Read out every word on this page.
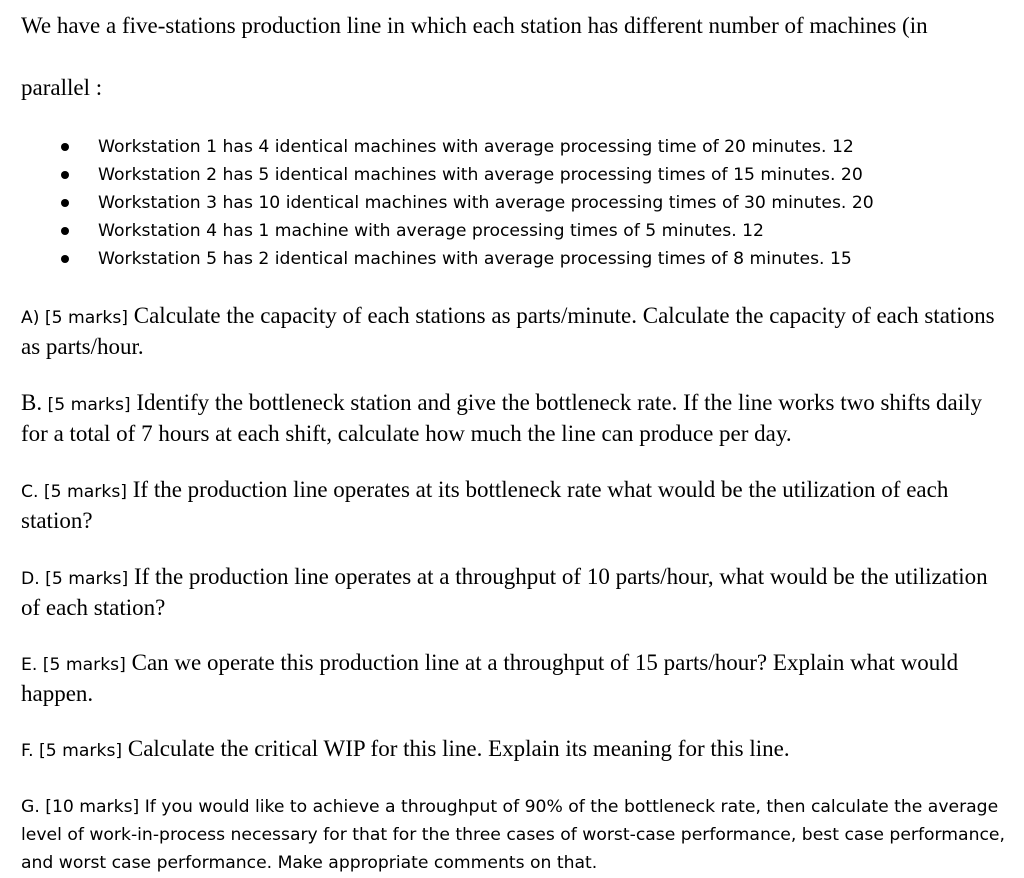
We have a five-stations production line in which each station has different number of machines (in
parallel :
Workstation 1 has 4 identical machines with average processing time of 20 minutes. 12
Workstation 2 has 5 identical machines with average processing times of 15 minutes. 20
Workstation 3 has 10 identical machines with average processing times of 30 minutes. 20
Workstation 4 has 1 machine with average processing times of 5 minutes. 12
Workstation 5 has 2 identical machines with average processing times of 8 minutes. 15
A) [5 marks] Calculate the capacity of each stations as parts/minute. Calculate the capacity of each stations as parts/hour.
B. [5 marks] Identify the bottleneck station and give the bottleneck rate. If the line works two shifts daily for a total of 7 hours at each shift, calculate how much the line can produce per day.
C. [5 marks] If the production line operates at its bottleneck rate what would be the utilization of each station?
D. [5 marks] If the production line operates at a throughput of 10 parts/hour, what would be the utilization of each station?
E. [5 marks] Can we operate this production line at a throughput of 15 parts/hour? Explain what would happen.
F. [5 marks] Calculate the critical WIP for this line. Explain its meaning for this line.
G. [10 marks] If you would like to achieve a throughput of 90% of the bottleneck rate, then calculate the average level of work-in-process necessary for that for the three cases of worst-case performance, best case performance, and worst case performance. Make appropriate comments on that.
